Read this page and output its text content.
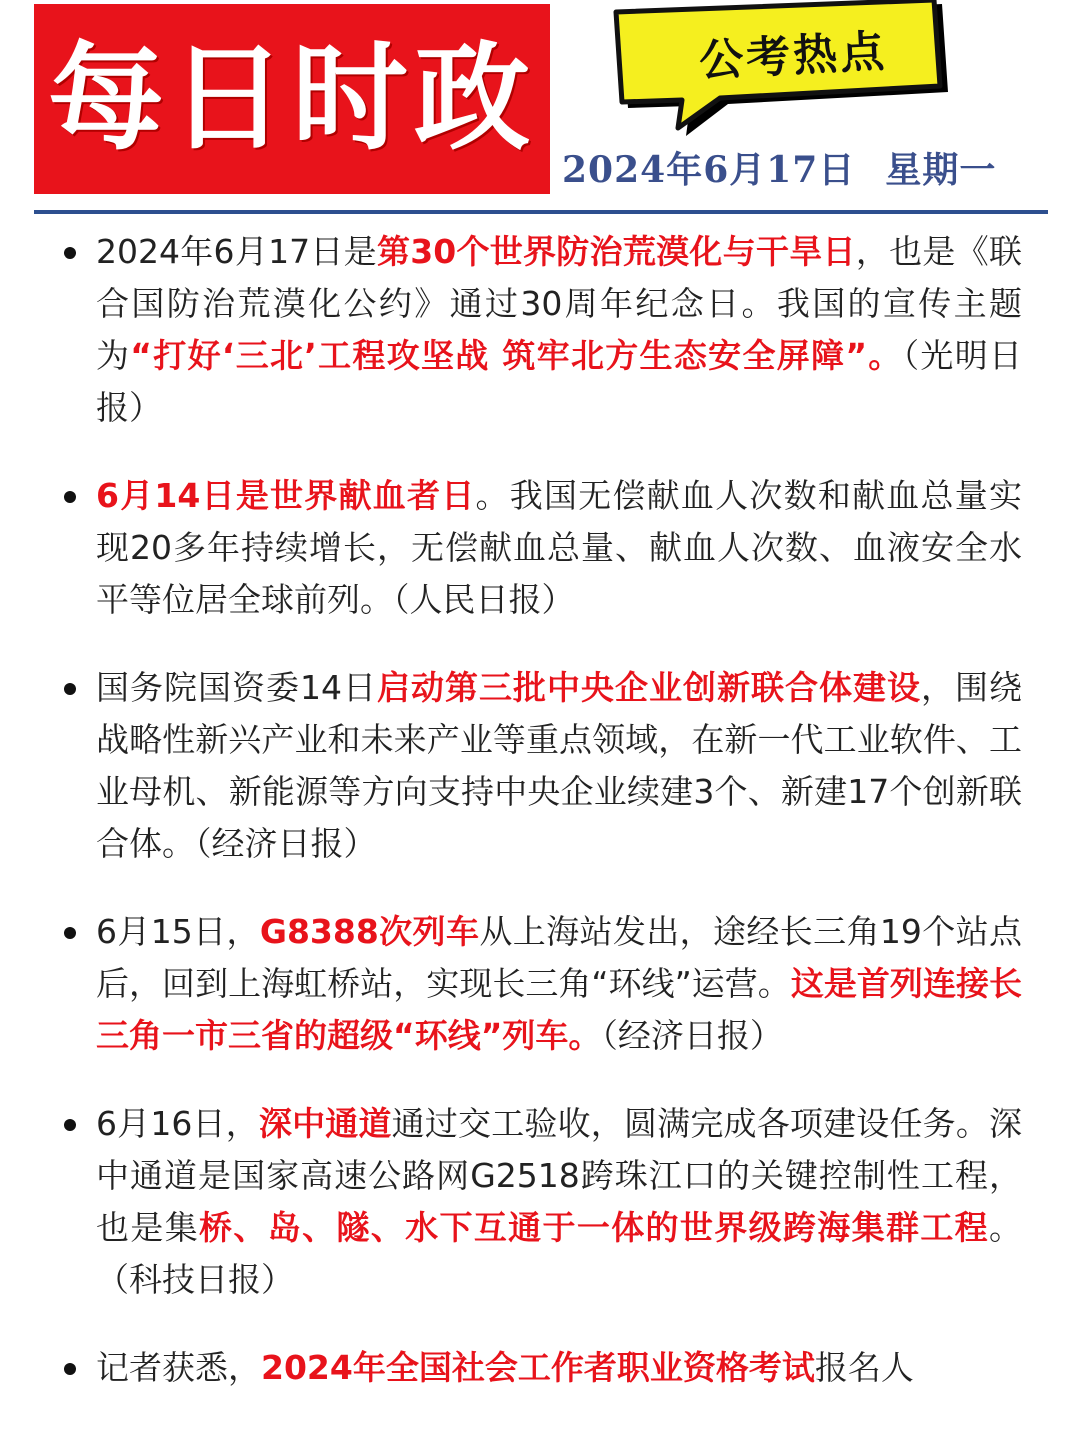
每日时政	公考热点
2024年6月17日 星期一
2024年6月17日是第30个世界防治荒漠化与干旱日，也是《联合国防治荒漠化公约》通过30周年纪念日。我国的宣传主题为“打好‘三北’工程攻坚战 筑牢北方生态安全屏障”。（光明日报）
6月14日是世界献血者日。我国无偿献血人次数和献血总量实现20多年持续增长，无偿献血总量、献血人次数、血液安全水平等位居全球前列。（人民日报）
国务院国资委14日启动第三批中央企业创新联合体建设，围绕战略性新兴产业和未来产业等重点领域，在新一代工业软件、工业母机、新能源等方向支持中央企业续建3个、新建17个创新联合体。（经济日报）
6月15日，G8388次列车从上海站发出，途经长三角19个站点后，回到上海虹桥站，实现长三角“环线”运营。这是首列连接长三角一市三省的超级“环线”列车。（经济日报）
6月16日，深中通道通过交工验收，圆满完成各项建设任务。深中通道是国家高速公路网G2518跨珠江口的关键控制性工程，也是集桥、岛、隧、水下互通于一体的世界级跨海集群工程。（科技日报）
记者获悉，2024年全国社会工作者职业资格考试报名人
